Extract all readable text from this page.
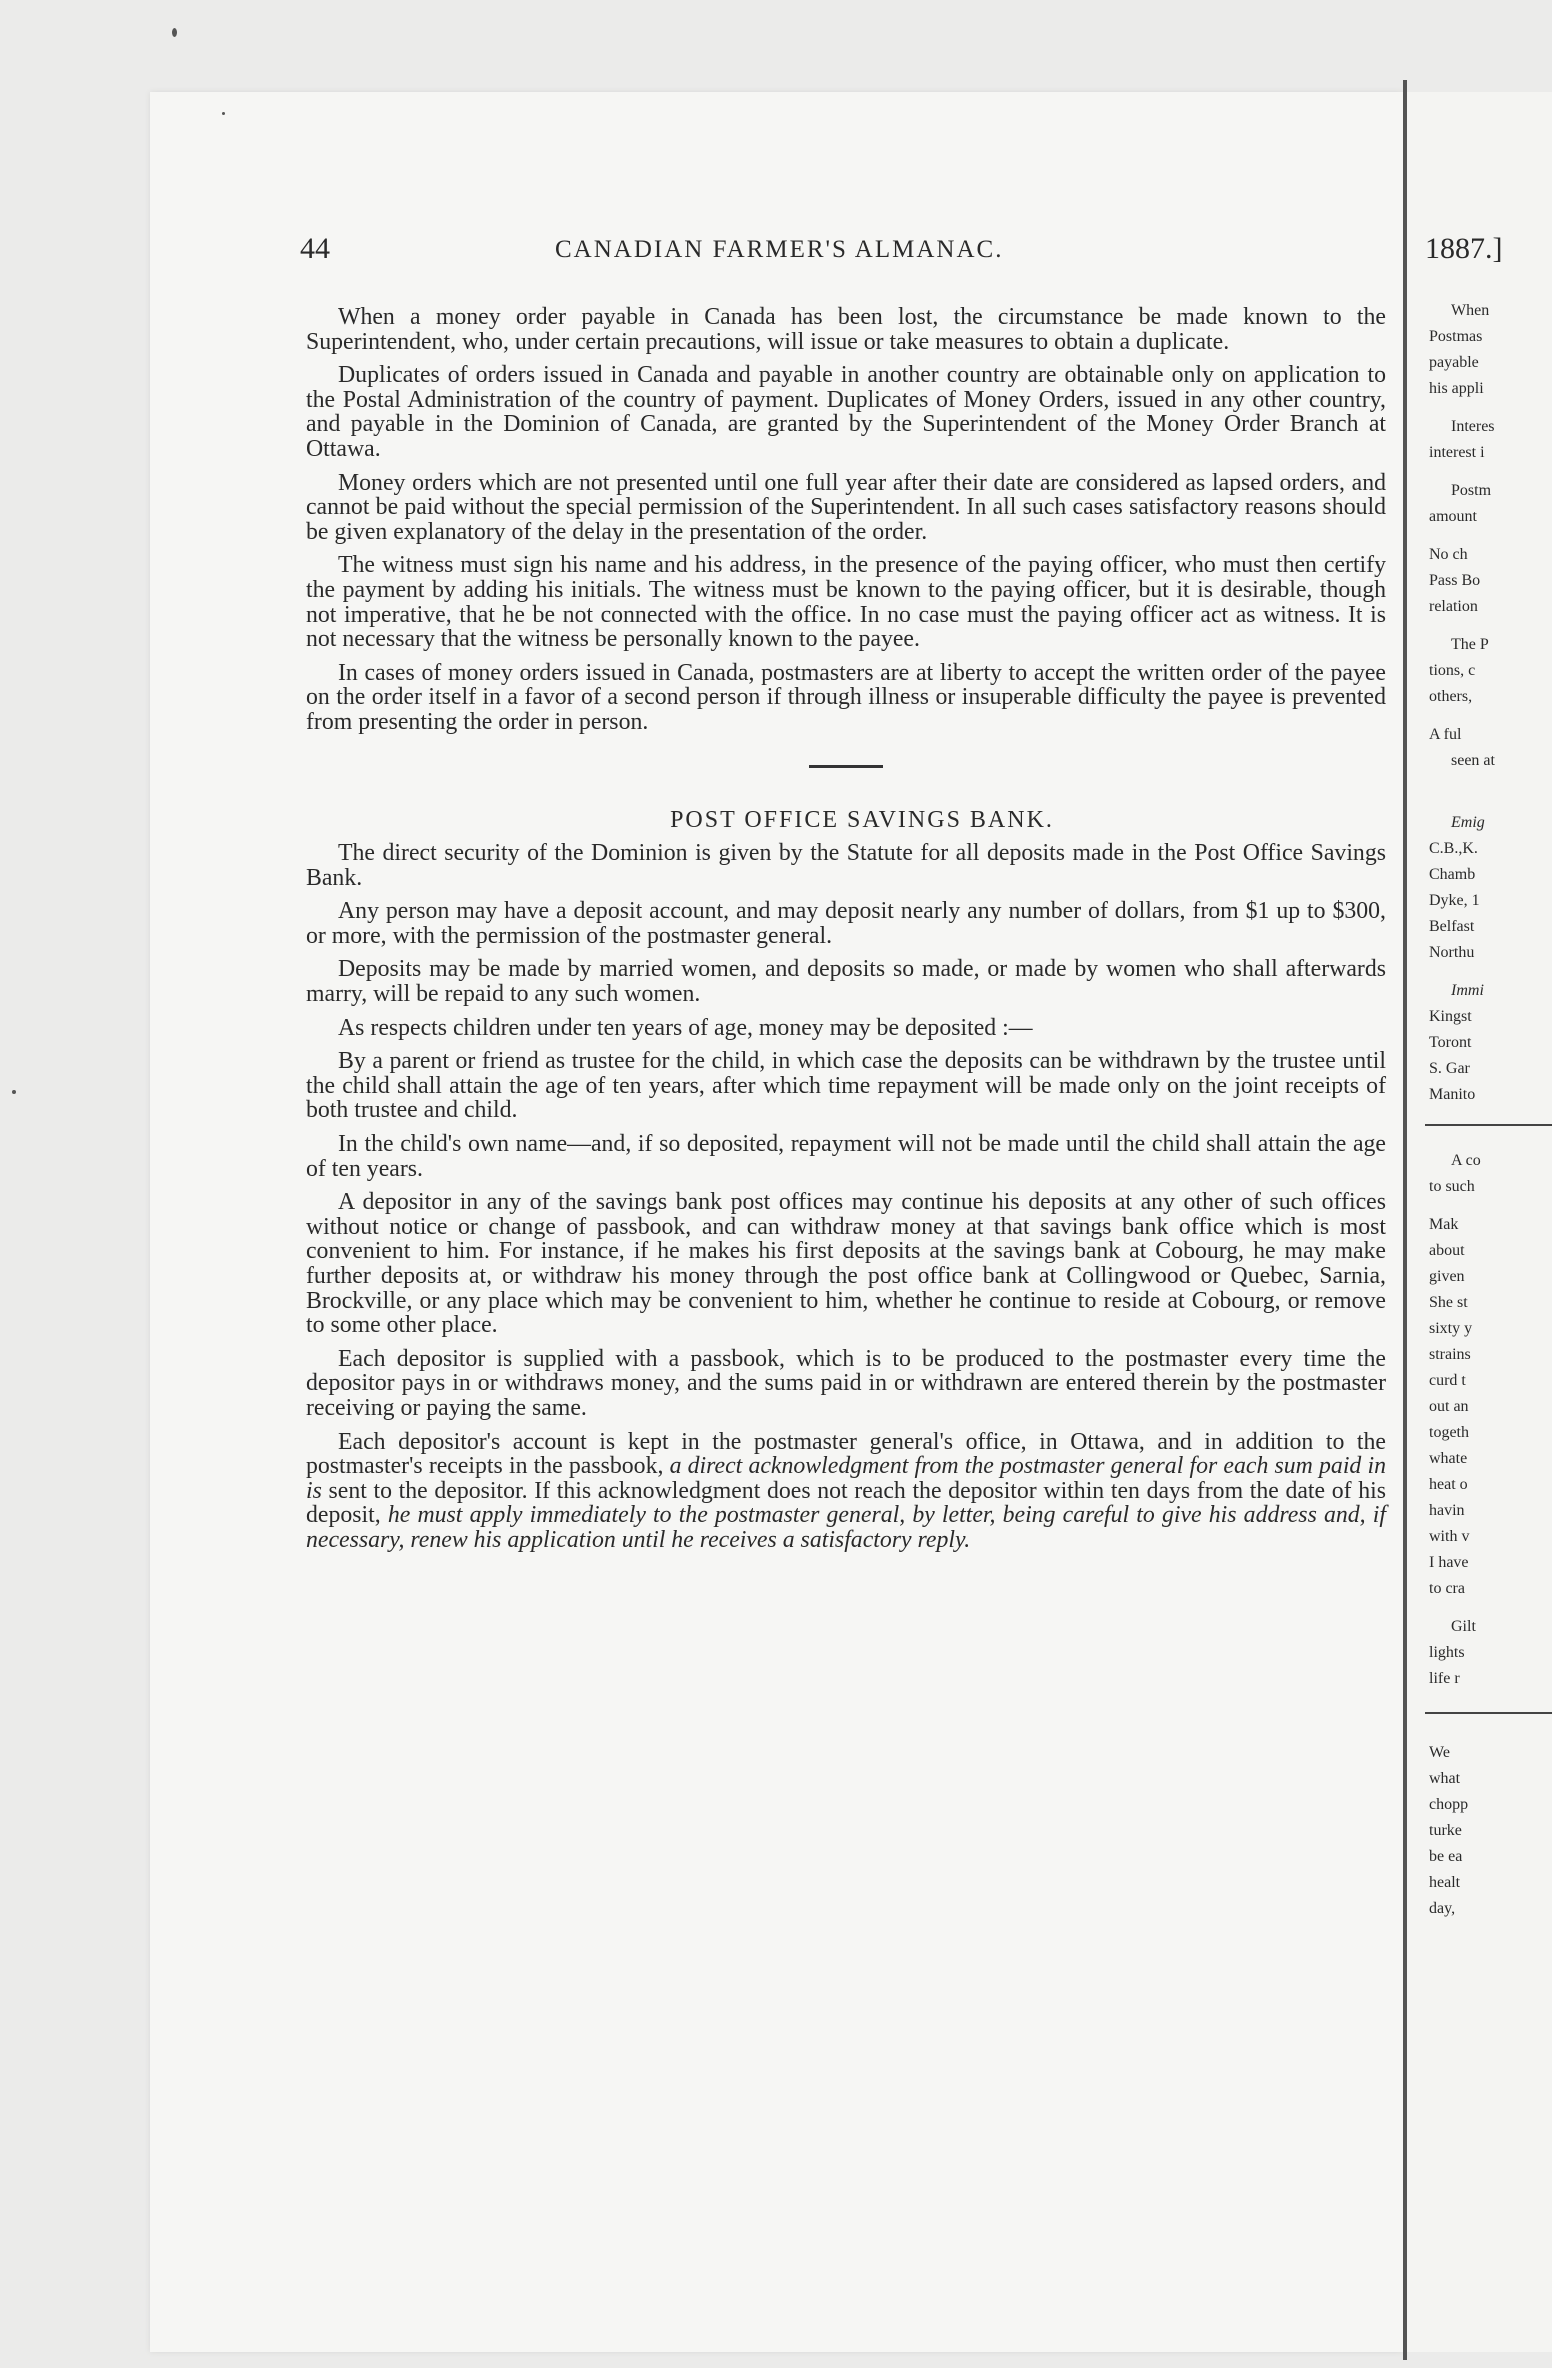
1887.]
When
Postmas
payable
his appli
Interes
interest i
Postm
amount
No ch
Pass Bo
relation
The P
tions, c
others,
A ful
seen at
Emig
C.B.,K.
Chamb
Dyke, 1
Belfast
Northu
Immi
Kingst
Toront
S. Gar
Manito
A co
to such
Mak
about
given
She st
sixty y
strains
curd t
out an
togeth
whate
heat o
havin
with v
I have
to cra
Gilt
lights
life r
We
what
chopp
turke
be ea
healt
day,
44	CANADIAN FARMER'S ALMANAC.

When a money order payable in Canada has been lost, the circumstance be made known to the Superintendent, who, under certain precautions, will issue or take measures to obtain a duplicate.

Duplicates of orders issued in Canada and payable in another country are obtainable only on application to the Postal Administration of the country of payment. Duplicates of Money Orders, issued in any other country, and payable in the Dominion of Canada, are granted by the Superintendent of the Money Order Branch at Ottawa.

Money orders which are not presented until one full year after their date are considered as lapsed orders, and cannot be paid without the special permission of the Superintendent. In all such cases satisfactory reasons should be given explanatory of the delay in the presentation of the order.

The witness must sign his name and his address, in the presence of the paying officer, who must then certify the payment by adding his initials. The witness must be known to the paying officer, but it is desirable, though not imperative, that he be not connected with the office. In no case must the paying officer act as witness. It is not necessary that the witness be personally known to the payee.

In cases of money orders issued in Canada, postmasters are at liberty to accept the written order of the payee on the order itself in a favor of a second person if through illness or insuperable difficulty the payee is prevented from presenting the order in person.

POST OFFICE SAVINGS BANK.

The direct security of the Dominion is given by the Statute for all deposits made in the Post Office Savings Bank.

Any person may have a deposit account, and may deposit nearly any number of dollars, from $1 up to $300, or more, with the permission of the postmaster general.

Deposits may be made by married women, and deposits so made, or made by women who shall afterwards marry, will be repaid to any such women.

As respects children under ten years of age, money may be deposited :—

By a parent or friend as trustee for the child, in which case the deposits can be withdrawn by the trustee until the child shall attain the age of ten years, after which time repayment will be made only on the joint receipts of both trustee and child.

In the child's own name—and, if so deposited, repayment will not be made until the child shall attain the age of ten years.

A depositor in any of the savings bank post offices may continue his deposits at any other of such offices without notice or change of passbook, and can withdraw money at that savings bank office which is most convenient to him. For instance, if he makes his first deposits at the savings bank at Cobourg, he may make further deposits at, or withdraw his money through the post office bank at Collingwood or Quebec, Sarnia, Brockville, or any place which may be convenient to him, whether he continue to reside at Cobourg, or remove to some other place.

Each depositor is supplied with a passbook, which is to be produced to the postmaster every time the depositor pays in or withdraws money, and the sums paid in or withdrawn are entered therein by the postmaster receiving or paying the same.

Each depositor's account is kept in the postmaster general's office, in Ottawa, and in addition to the postmaster's receipts in the passbook, a direct acknowledgment from the postmaster general for each sum paid in is sent to the depositor. If this acknowledgment does not reach the depositor within ten days from the date of his deposit, he must apply immediately to the postmaster general, by letter, being careful to give his address and, if necessary, renew his application until he receives a satisfactory reply.
